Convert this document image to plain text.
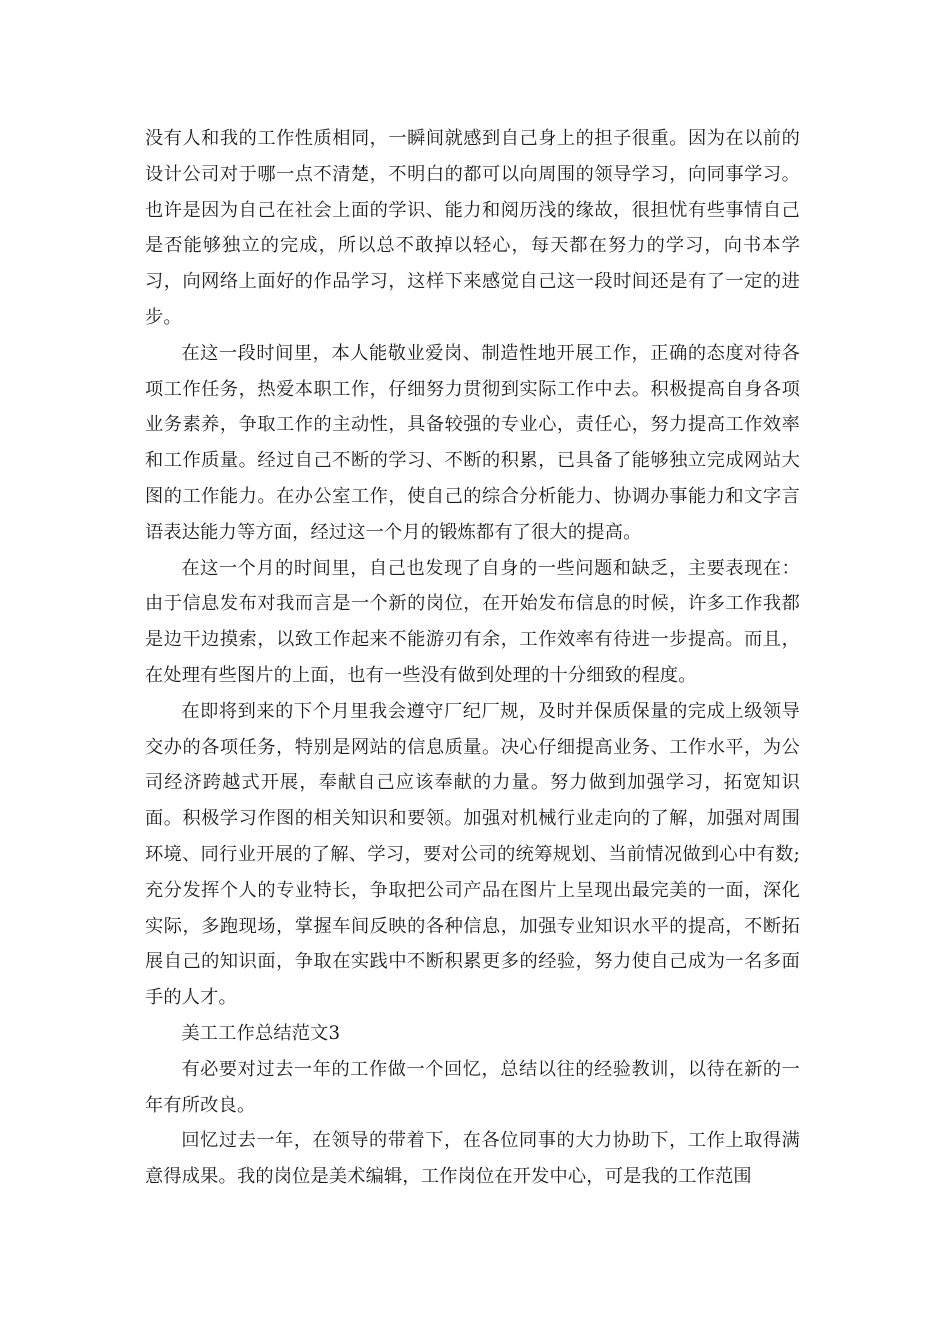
没有人和我的工作性质相同，一瞬间就感到自己身上的担子很重。因为在以前的设计公司对于哪一点不清楚，不明白的都可以向周围的领导学习，向同事学习。也许是因为自己在社会上面的学识、能力和阅历浅的缘故，很担忧有些事情自己是否能够独立的完成，所以总不敢掉以轻心，每天都在努力的学习，向书本学习，向网络上面好的作品学习，这样下来感觉自己这一段时间还是有了一定的进步。

在这一段时间里，本人能敬业爱岗、制造性地开展工作，正确的态度对待各项工作任务，热爱本职工作，仔细努力贯彻到实际工作中去。积极提高自身各项业务素养，争取工作的主动性，具备较强的专业心，责任心，努力提高工作效率和工作质量。经过自己不断的学习、不断的积累，已具备了能够独立完成网站大图的工作能力。在办公室工作，使自己的综合分析能力、协调办事能力和文字言语表达能力等方面，经过这一个月的锻炼都有了很大的提高。

在这一个月的时间里，自己也发现了自身的一些问题和缺乏，主要表现在：由于信息发布对我而言是一个新的岗位，在开始发布信息的时候，许多工作我都是边干边摸索，以致工作起来不能游刃有余，工作效率有待进一步提高。而且，在处理有些图片的上面，也有一些没有做到处理的十分细致的程度。

在即将到来的下个月里我会遵守厂纪厂规，及时并保质保量的完成上级领导交办的各项任务，特别是网站的信息质量。决心仔细提高业务、工作水平，为公司经济跨越式开展，奉献自己应该奉献的力量。努力做到加强学习，拓宽知识面。积极学习作图的相关知识和要领。加强对机械行业走向的了解，加强对周围环境、同行业开展的了解、学习，要对公司的统筹规划、当前情况做到心中有数;充分发挥个人的专业特长，争取把公司产品在图片上呈现出最完美的一面，深化实际，多跑现场，掌握车间反映的各种信息，加强专业知识水平的提高，不断拓展自己的知识面，争取在实践中不断积累更多的经验，努力使自己成为一名多面手的人才。

美工工作总结范文3

有必要对过去一年的工作做一个回忆，总结以往的经验教训，以待在新的一年有所改良。

回忆过去一年，在领导的带着下，在各位同事的大力协助下，工作上取得满意得成果。我的岗位是美术编辑，工作岗位在开发中心，可是我的工作范围
